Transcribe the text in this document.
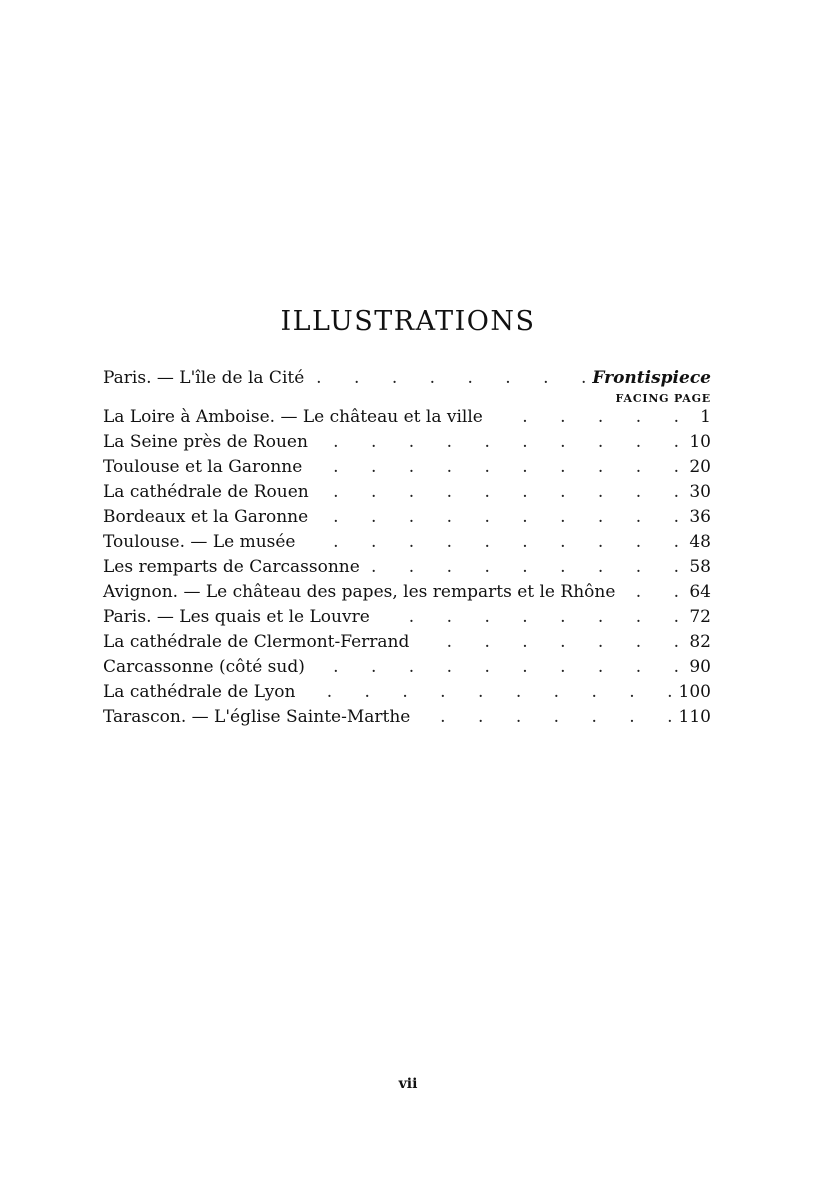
ILLUSTRATIONS
Paris. — L'île de la Cité .	Frontispiece
FACING PAGE
La Loire à Amboise. — Le château et la ville .	1
La Seine près de Rouen .	10
Toulouse et la Garonne .	20
La cathédrale de Rouen .	30
Bordeaux et la Garonne .	36
Toulouse. — Le musée .	48
Les remparts de Carcassonne .	58
Avignon. — Le château des papes, les remparts et le Rhône .	64
Paris. — Les quais et le Louvre .	72
La cathédrale de Clermont-Ferrand .	82
Carcassonne (côté sud) .	90
La cathédrale de Lyon .	100
Tarascon. — L'église Sainte-Marthe .	110
vii
